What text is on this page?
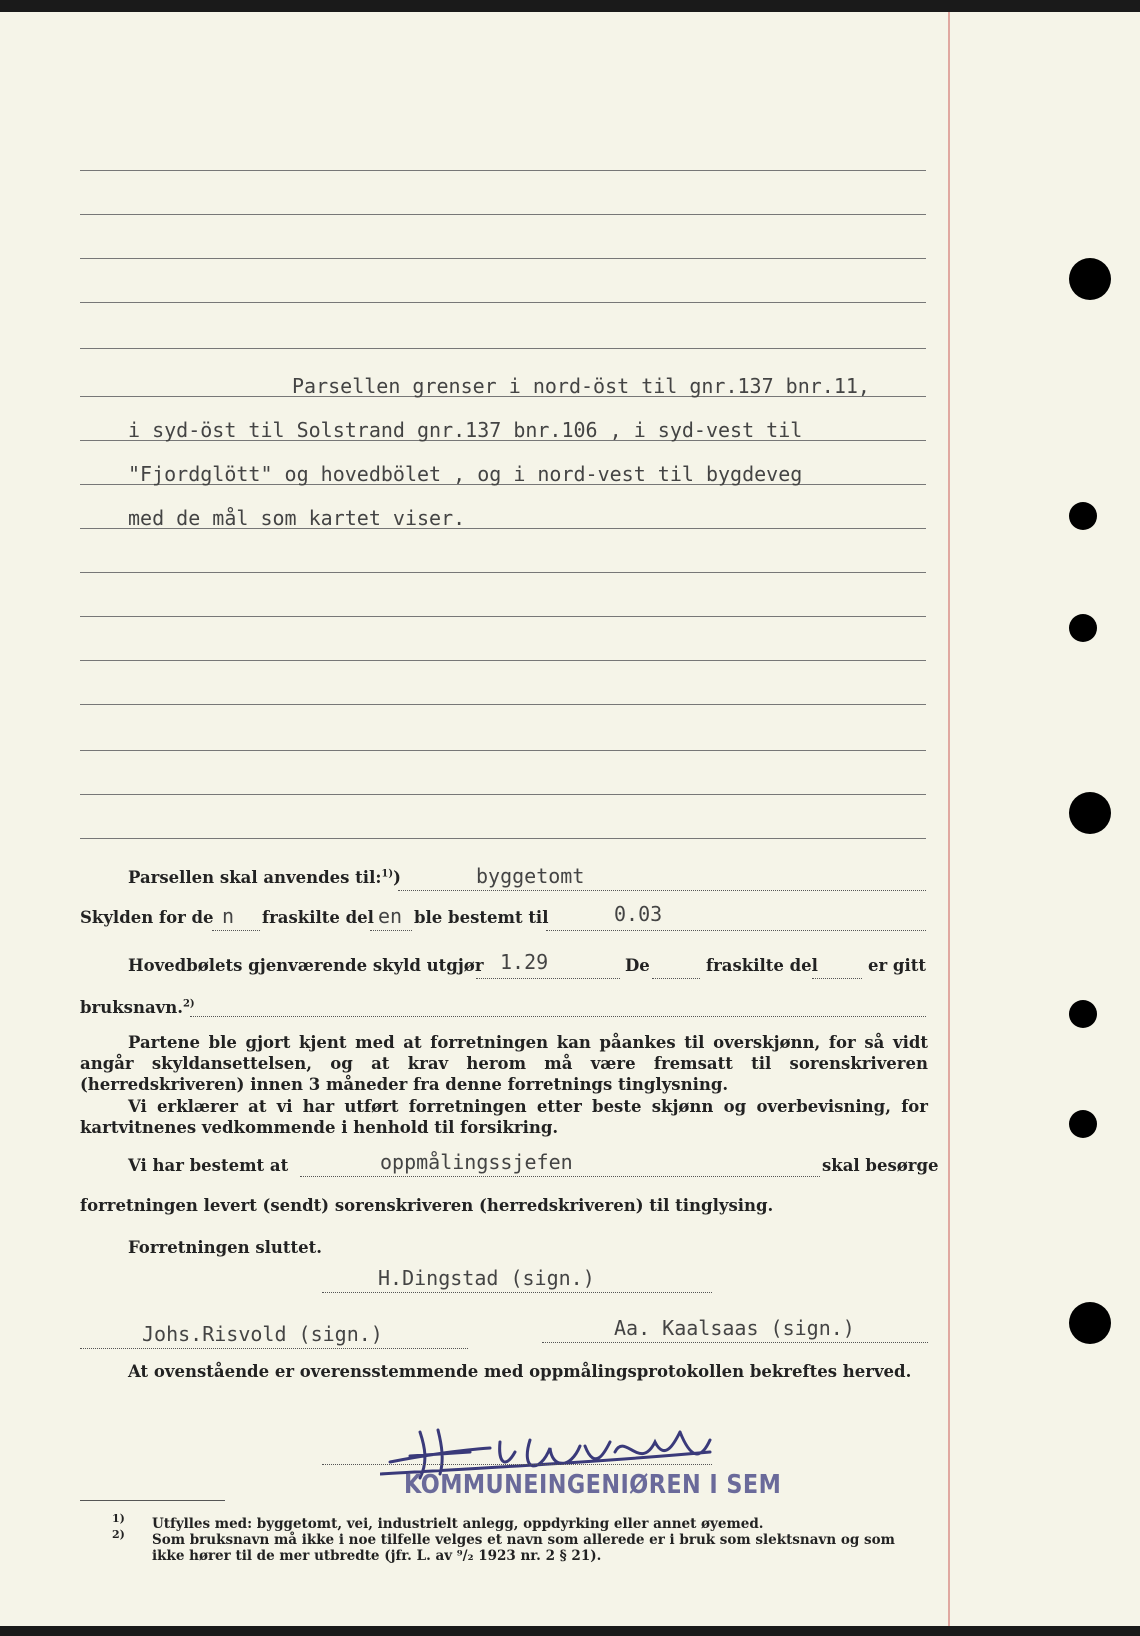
Parsellen grenser i nord-öst til gnr.137 bnr.11,
i syd-öst til Solstrand gnr.137 bnr.106 , i syd-vest til
"Fjordglött" og hovedbölet , og i nord-vest til bygdeveg
med de mål som kartet viser.
Parsellen skal anvendes til:$^{1)}$)	byggetomt
Skylden for de n fraskilte del en ble bestemt til	0.03
Hovedbølets gjenværende skyld utgjør 1.29	De	fraskilte del	er gitt
bruksnavn.$^{2)}$
Partene ble gjort kjent med at forretningen kan påankes til overskjønn, for så vidt angår skyldansettelsen, og at krav herom må være fremsatt til sorenskriveren (herredskriveren) innen 3 måneder fra denne forretnings tinglysning.
Vi erklærer at vi har utført forretningen etter beste skjønn og overbevisning, for kartvitnenes vedkommende i henhold til forsikring.
Vi har bestemt at	oppmålingssjefen	skal besørge
forretningen levert (sendt) sorenskriveren (herredskriveren) til tinglysing.
Forretningen sluttet.
H.Dingstad (sign.)
Johs.Risvold (sign.)	Aa. Kaalsaas (sign.)
At ovenstående er overensstemmende med oppmålingsprotokollen bekreftes herved.
KOMMUNEINGENIØREN I SEM
1) Utfylles med: byggetomt, vei, industrielt anlegg, oppdyrking eller annet øyemed.
2) Som bruksnavn må ikke i noe tilfelle velges et navn som allerede er i bruk som slektsnavn og som ikke hører til de mer utbredte (jfr. L. av ⁹/₂ 1923 nr. 2 § 21).
